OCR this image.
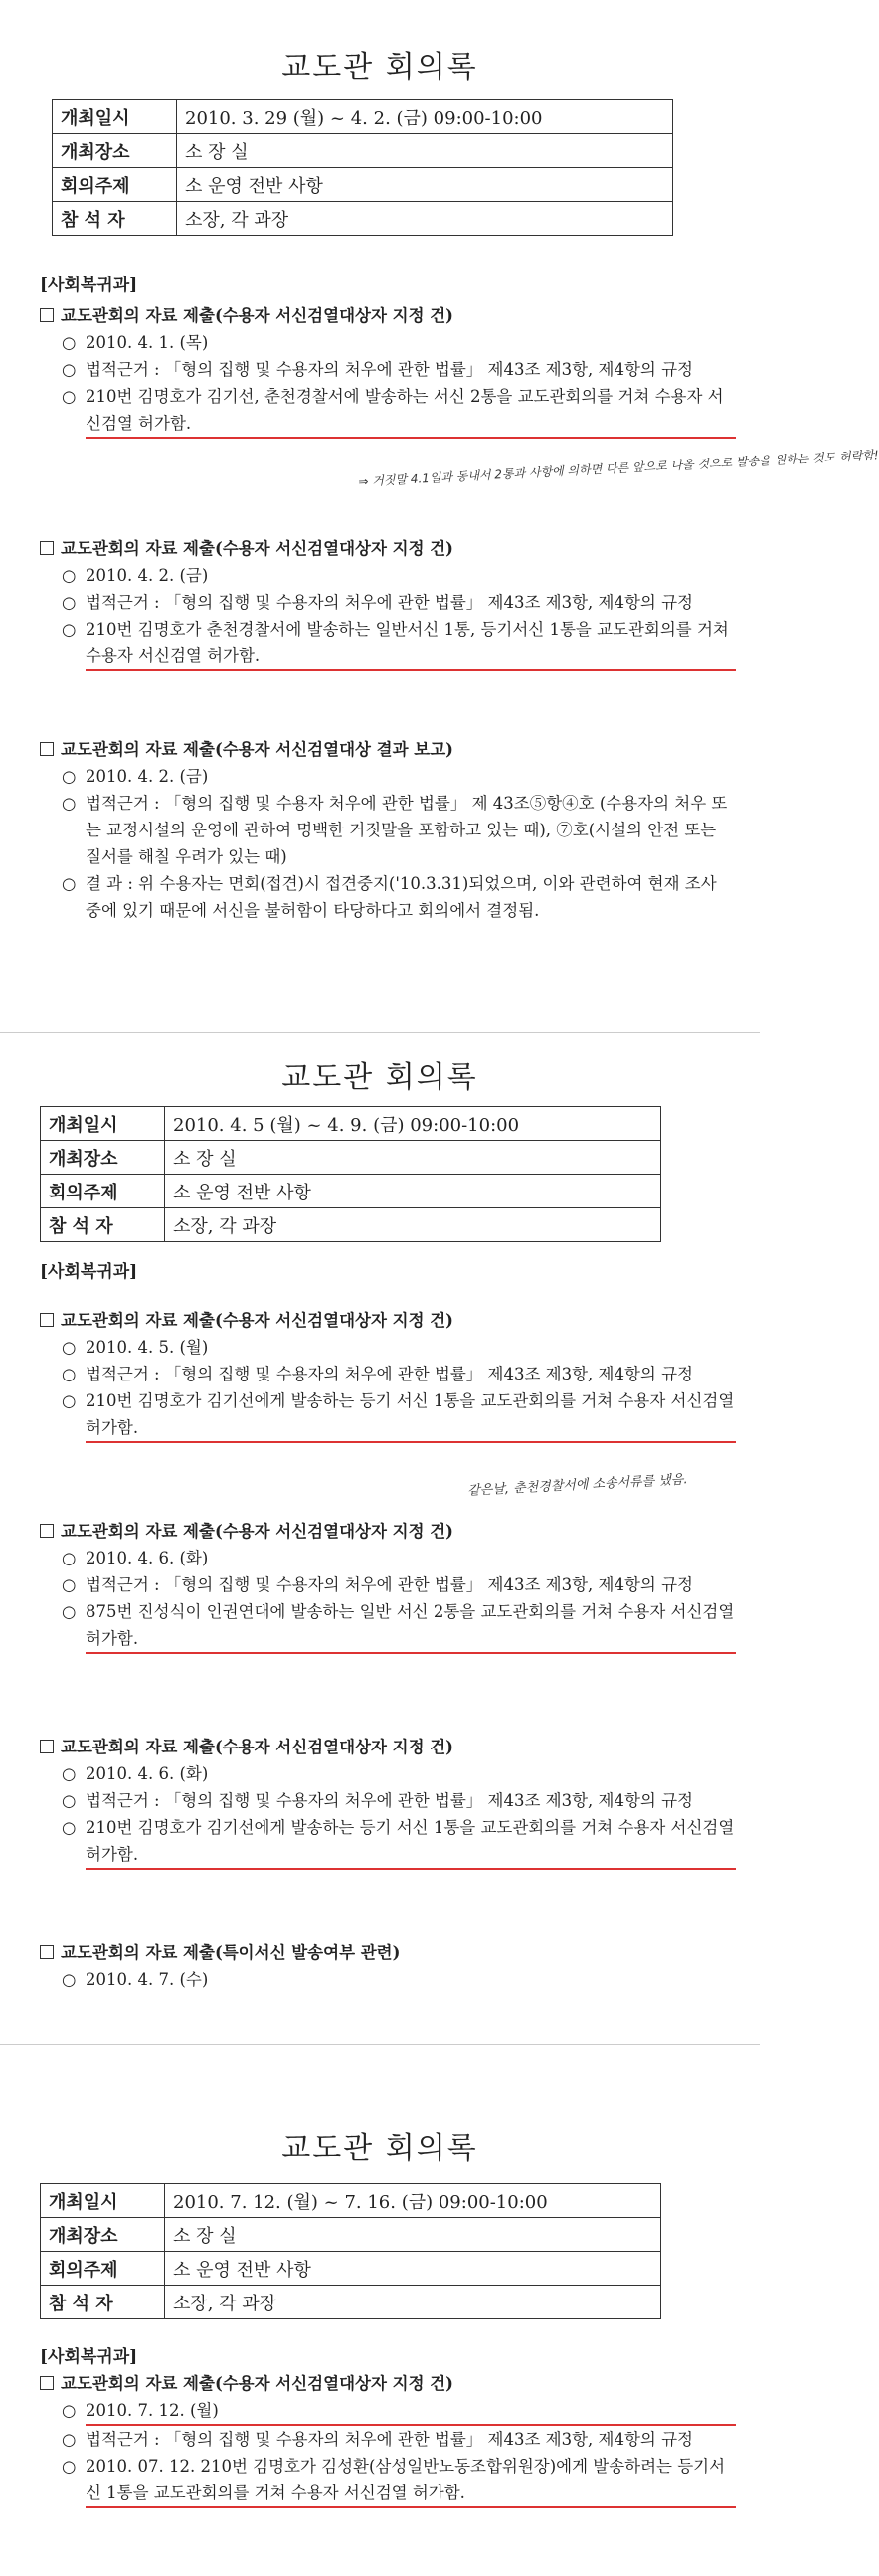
교도관 회의록
개최일시	2010. 3. 29 (월) ~ 4. 2. (금) 09:00-10:00
개최장소	소 장 실
회의주제	소 운영 전반 사항
참 석 자	소장, 각 과장
[사회복귀과]
교도관회의 자료 제출(수용자 서신검열대상자 지정 건)
○ 2010. 4. 1. (목)
○ 법적근거 : 「형의 집행 및 수용자의 처우에 관한 법률」 제43조 제3항, 제4항의 규정
○ 210번 김명호가 김기선, 춘천경찰서에 발송하는 서신 2통을 교도관회의를 거쳐 수용자 서신검열 허가함.
⇒ 거짓말 4.1일과 동내서 2통과 사항에 의하면 다른 앞으로 나올 것으로 발송을 원하는 것도 허락함!
교도관회의 자료 제출(수용자 서신검열대상자 지정 건)
○ 2010. 4. 2. (금)
○ 법적근거 : 「형의 집행 및 수용자의 처우에 관한 법률」 제43조 제3항, 제4항의 규정
○ 210번 김명호가 춘천경찰서에 발송하는 일반서신 1통, 등기서신 1통을 교도관회의를 거쳐 수용자 서신검열 허가함.
교도관회의 자료 제출(수용자 서신검열대상 결과 보고)
○ 2010. 4. 2. (금)
○ 법적근거 : 「형의 집행 및 수용자 처우에 관한 법률」 제 43조⑤항④호 (수용자의 처우 또는 교정시설의 운영에 관하여 명백한 거짓말을 포함하고 있는 때), ⑦호(시설의 안전 또는 질서를 해칠 우려가 있는 때)
○ 결 과 : 위 수용자는 면회(접견)시 접견중지('10.3.31)되었으며, 이와 관련하여 현재 조사 중에 있기 때문에 서신을 불허함이 타당하다고 회의에서 결정됨.
교도관 회의록
개최일시	2010. 4. 5 (월) ~ 4. 9. (금) 09:00-10:00
개최장소	소 장 실
회의주제	소 운영 전반 사항
참 석 자	소장, 각 과장
[사회복귀과]
교도관회의 자료 제출(수용자 서신검열대상자 지정 건)
○ 2010. 4. 5. (월)
○ 법적근거 : 「형의 집행 및 수용자의 처우에 관한 법률」 제43조 제3항, 제4항의 규정
○ 210번 김명호가 김기선에게 발송하는 등기 서신 1통을 교도관회의를 거쳐 수용자 서신검열 허가함.
같은날, 춘천경찰서에 소송서류를 냈음.
교도관회의 자료 제출(수용자 서신검열대상자 지정 건)
○ 2010. 4. 6. (화)
○ 법적근거 : 「형의 집행 및 수용자의 처우에 관한 법률」 제43조 제3항, 제4항의 규정
○ 875번 진성식이 인권연대에 발송하는 일반 서신 2통을 교도관회의를 거쳐 수용자 서신검열 허가함.
교도관회의 자료 제출(수용자 서신검열대상자 지정 건)
○ 2010. 4. 6. (화)
○ 법적근거 : 「형의 집행 및 수용자의 처우에 관한 법률」 제43조 제3항, 제4항의 규정
○ 210번 김명호가 김기선에게 발송하는 등기 서신 1통을 교도관회의를 거쳐 수용자 서신검열 허가함.
교도관회의 자료 제출(특이서신 발송여부 관련)
○ 2010. 4. 7. (수)
교도관 회의록
개최일시	2010. 7. 12. (월) ~ 7. 16. (금) 09:00-10:00
개최장소	소 장 실
회의주제	소 운영 전반 사항
참 석 자	소장, 각 과장
[사회복귀과]
교도관회의 자료 제출(수용자 서신검열대상자 지정 건)
○ 2010. 7. 12. (월)
○ 법적근거 : 「형의 집행 및 수용자의 처우에 관한 법률」 제43조 제3항, 제4항의 규정
○ 2010. 07. 12. 210번 김명호가 김성환(삼성일반노동조합위원장)에게 발송하려는 등기서신 1통을 교도관회의를 거쳐 수용자 서신검열 허가함.
